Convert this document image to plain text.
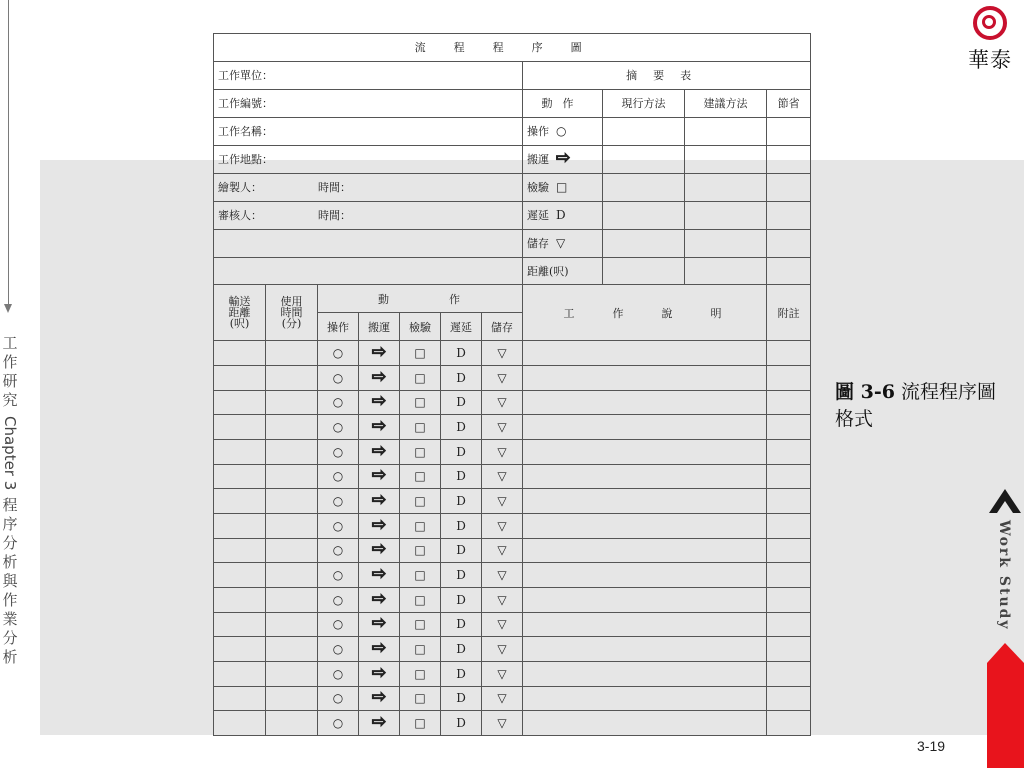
工
作
研
究
Chapter 3
程
序
分
析
與
作
業
分
析
華泰
流程程序圖										
工作單位：							摘要表			
工作編號：							動作	現行方法	建議方法	節省
工作名稱：							操作 ○			
工作地點：							搬運 ⇨			
繪製人： 時間：							檢驗 □			
審核人： 時間：							遲延 D			
							儲存 ▽			
							距離(呎)			
輸送
距離
(呎)	使用
時間
(分)	動作					工作說明			附註
		操作	搬運	檢驗	遲延	儲存				
		○	⇨	□	D	▽				
		○	⇨	□	D	▽				
		○	⇨	□	D	▽				
		○	⇨	□	D	▽				
		○	⇨	□	D	▽				
		○	⇨	□	D	▽				
		○	⇨	□	D	▽				
		○	⇨	□	D	▽				
		○	⇨	□	D	▽				
		○	⇨	□	D	▽				
		○	⇨	□	D	▽				
		○	⇨	□	D	▽				
		○	⇨	□	D	▽				
		○	⇨	□	D	▽				
		○	⇨	□	D	▽				
		○	⇨	□	D	▽				
圖 3-6 流程程序圖格式
Work Study
3-19
